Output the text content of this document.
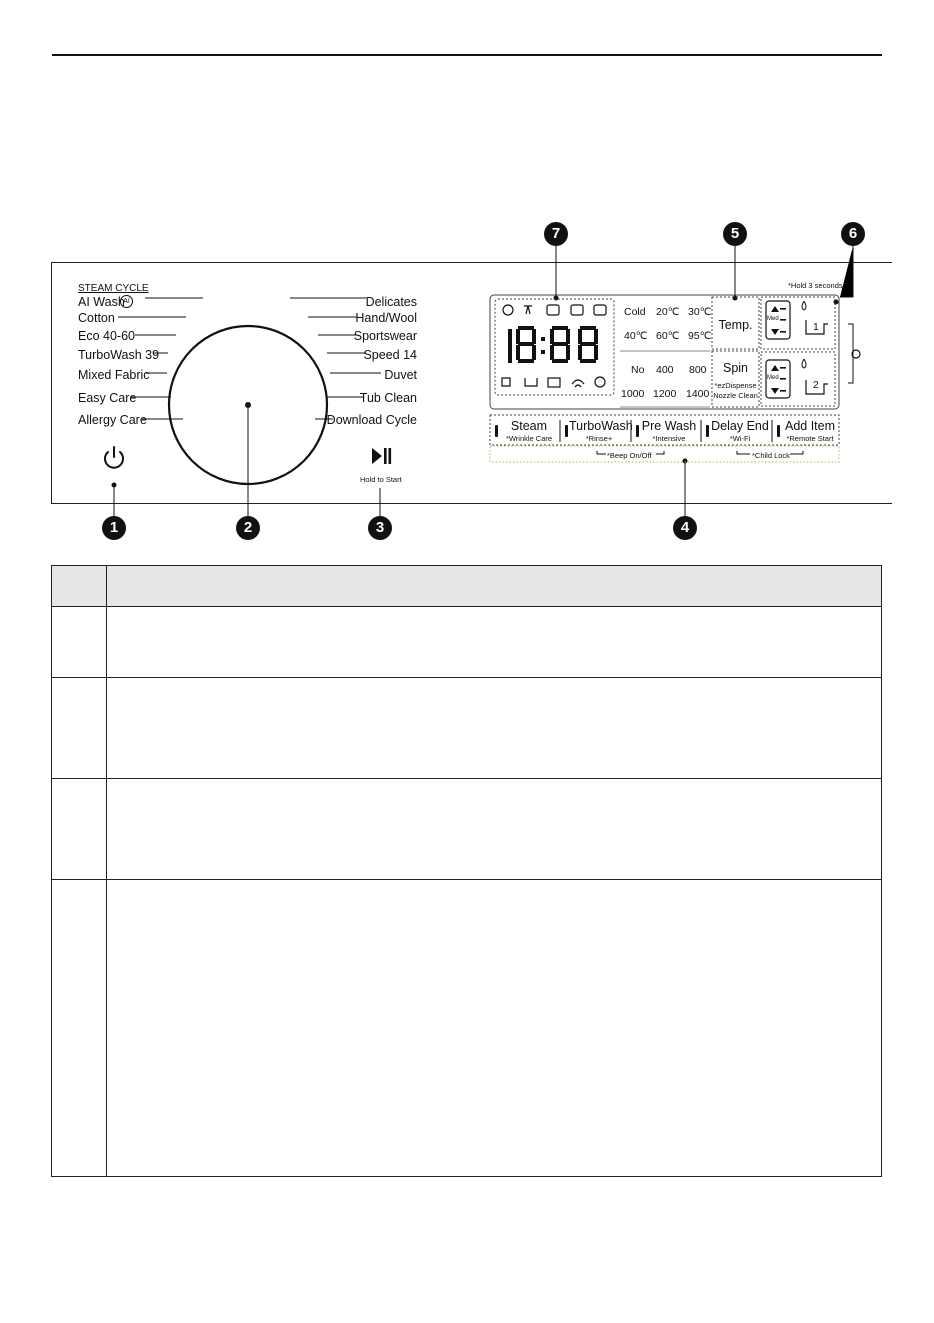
STEAM CYCLE
AI Wash
Cotton
Eco 40-60
TurboWash 39
Mixed Fabric
Easy Care
Allergy Care
AI	Delicates
Hand/Wool
Sportswear
Speed 14
Duvet
Tub Clean
Download Cycle
Hold to Start
*Hold 3 seconds
Cold 20℃ 30℃
40℃ 60℃ 95℃
No 400 800
1000 1200 1400
Temp.
Spin
*ezDispense
Nozzle Clean
Med
Med
1
2
Steam
*Wrinkle Care
TurboWash
*Rinse+
Pre Wash
*Intensive
Delay End
*Wi-Fi
Add Item
*Remote Start
*Beep On/Off	*Child Lock
1	2	3	4
5	6
7
